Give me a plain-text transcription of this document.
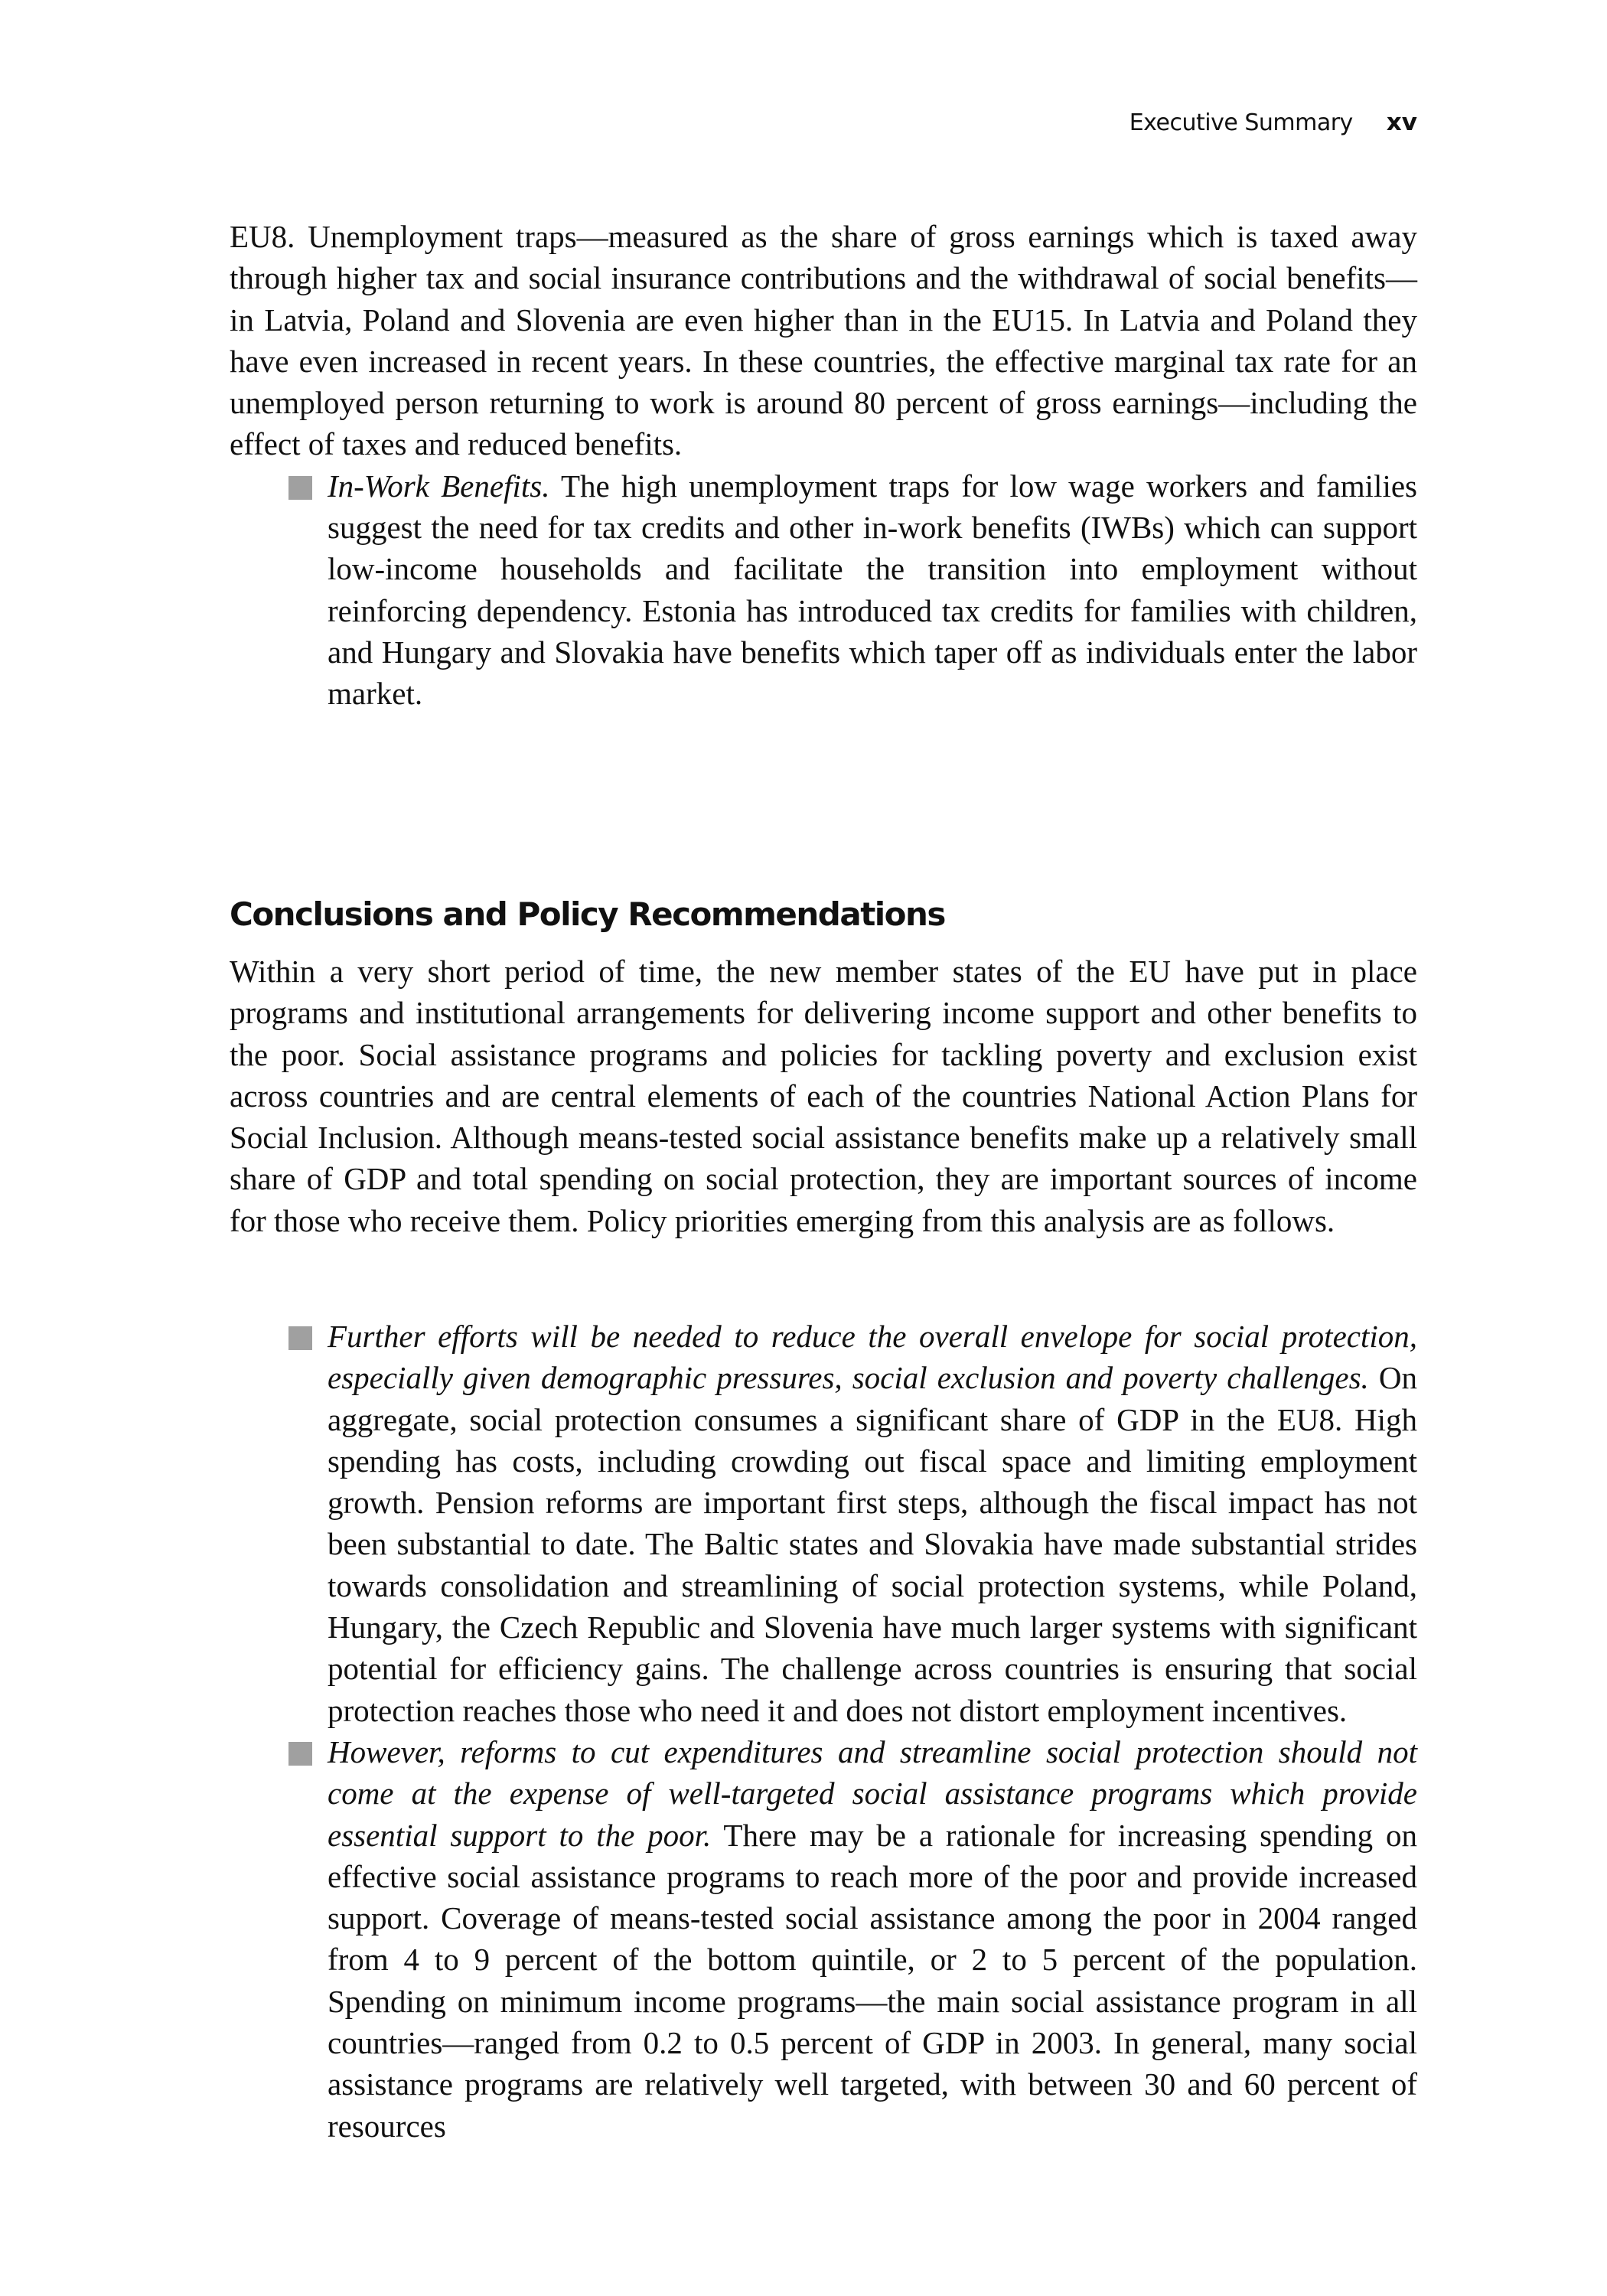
Executive Summary xv

EU8. Unemployment traps—measured as the share of gross earnings which is taxed away through higher tax and social insurance contributions and the withdrawal of social benefits—in Latvia, Poland and Slovenia are even higher than in the EU15. In Latvia and Poland they have even increased in recent years. In these countries, the effective marginal tax rate for an unemployed person returning to work is around 80 percent of gross earnings—including the effect of taxes and reduced benefits.

In-Work Benefits. The high unemployment traps for low wage workers and families suggest the need for tax credits and other in-work benefits (IWBs) which can support low-income households and facilitate the transition into employment without reinforcing dependency. Estonia has introduced tax credits for families with children, and Hungary and Slovakia have benefits which taper off as individuals enter the labor market.
Conclusions and Policy Recommendations

Within a very short period of time, the new member states of the EU have put in place programs and institutional arrangements for delivering income support and other benefits to the poor. Social assistance programs and policies for tackling poverty and exclusion exist across countries and are central elements of each of the countries National Action Plans for Social Inclusion. Although means-tested social assistance benefits make up a relatively small share of GDP and total spending on social protection, they are important sources of income for those who receive them. Policy priorities emerging from this analysis are as follows.

Further efforts will be needed to reduce the overall envelope for social protection, especially given demographic pressures, social exclusion and poverty challenges. On aggregate, social protection consumes a significant share of GDP in the EU8. High spending has costs, including crowding out fiscal space and limiting employment growth. Pension reforms are important first steps, although the fiscal impact has not been substantial to date. The Baltic states and Slovakia have made substantial strides towards consolidation and streamlining of social protection systems, while Poland, Hungary, the Czech Republic and Slovenia have much larger systems with significant potential for efficiency gains. The challenge across countries is ensuring that social protection reaches those who need it and does not distort employment incentives.
However, reforms to cut expenditures and streamline social protection should not come at the expense of well-targeted social assistance programs which provide essential support to the poor. There may be a rationale for increasing spending on effective social assistance programs to reach more of the poor and provide increased support. Coverage of means-tested social assistance among the poor in 2004 ranged from 4 to 9 percent of the bottom quintile, or 2 to 5 percent of the population. Spending on minimum income programs—the main social assistance program in all countries—ranged from 0.2 to 0.5 percent of GDP in 2003. In general, many social assistance programs are relatively well targeted, with between 30 and 60 percent of resources
